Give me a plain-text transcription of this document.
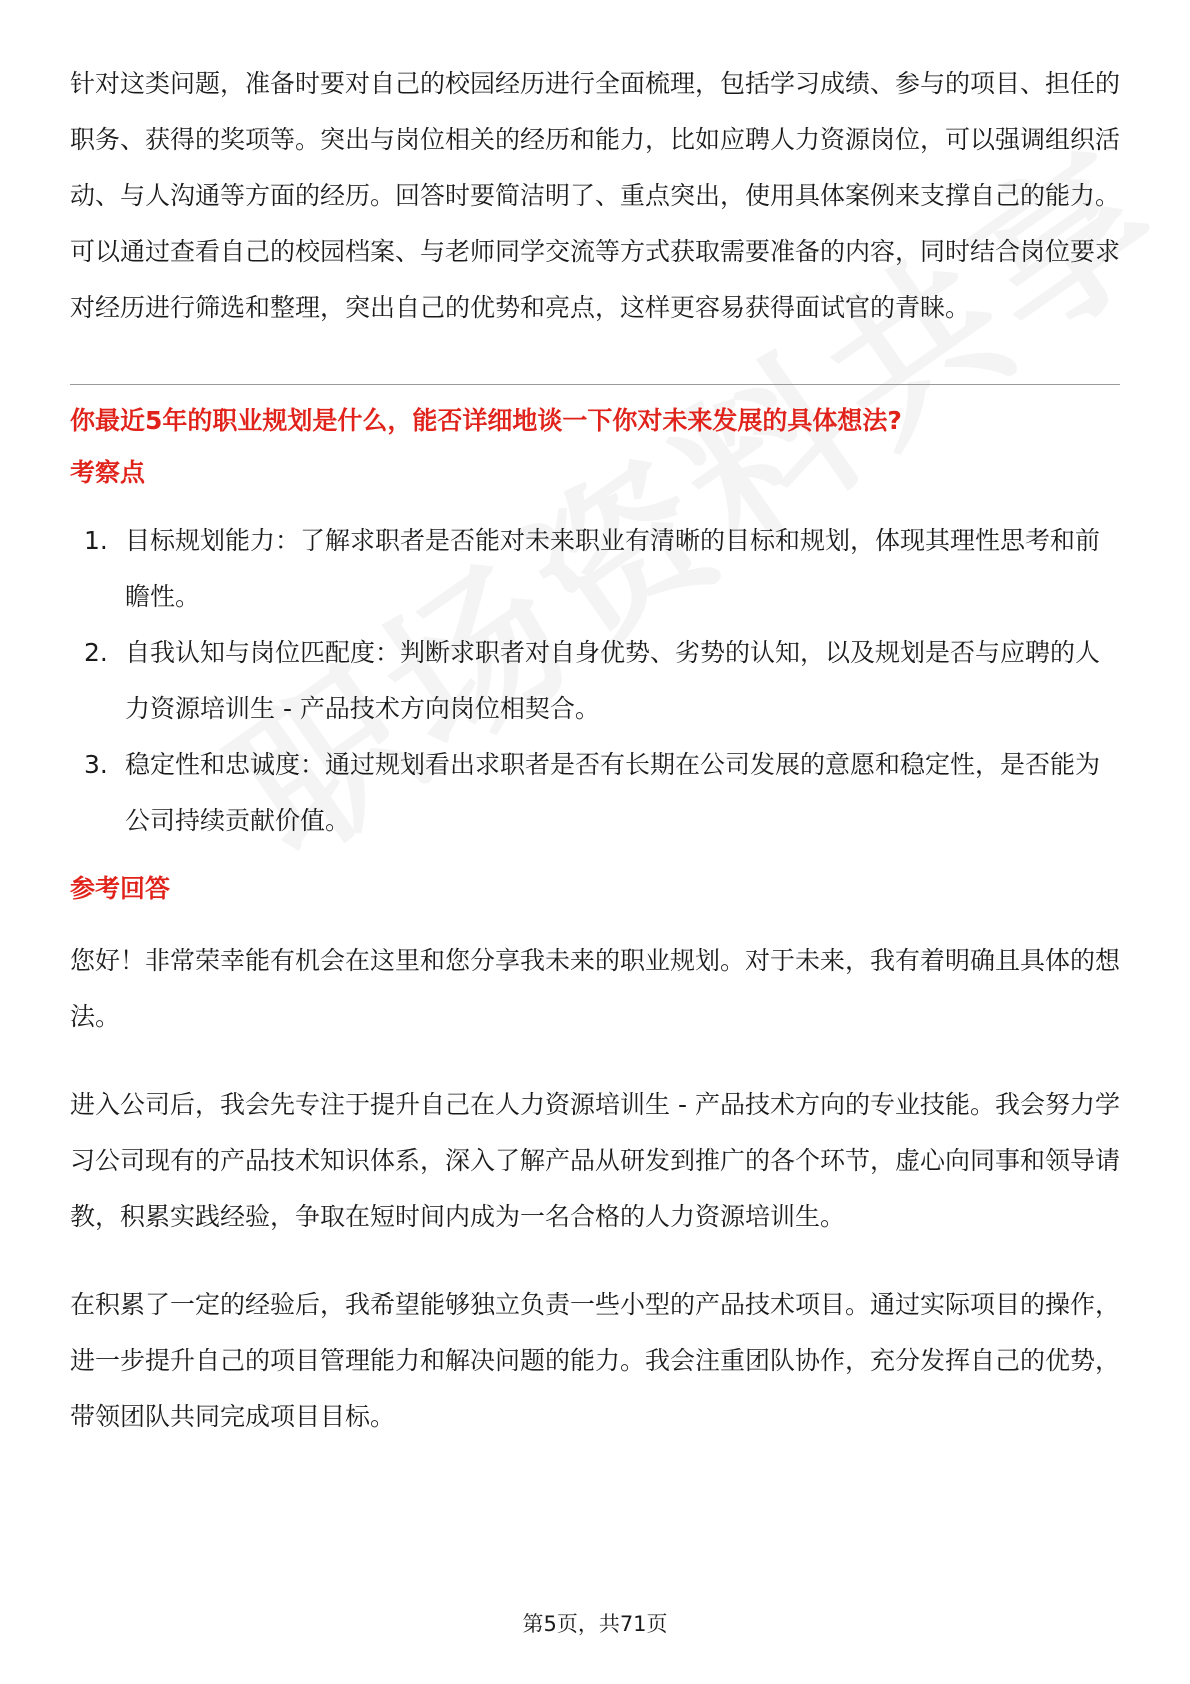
针对这类问题，准备时要对自己的校园经历进行全面梳理，包括学习成绩、参与的项目、担任的职务、获得的奖项等。突出与岗位相关的经历和能力，比如应聘人力资源岗位，可以强调组织活动、与人沟通等方面的经历。回答时要简洁明了、重点突出，使用具体案例来支撑自己的能力。可以通过查看自己的校园档案、与老师同学交流等方式获取需要准备的内容，同时结合岗位要求对经历进行筛选和整理，突出自己的优势和亮点，这样更容易获得面试官的青睐。

你最近5年的职业规划是什么，能否详细地谈一下你对未来发展的具体想法?

考察点

1. 目标规划能力：了解求职者是否能对未来职业有清晰的目标和规划，体现其理性思考和前瞻性。
2. 自我认知与岗位匹配度：判断求职者对自身优势、劣势的认知，以及规划是否与应聘的人力资源培训生 - 产品技术方向岗位相契合。
3. 稳定性和忠诚度：通过规划看出求职者是否有长期在公司发展的意愿和稳定性，是否能为公司持续贡献价值。

参考回答

您好！非常荣幸能有机会在这里和您分享我未来的职业规划。对于未来，我有着明确且具体的想法。

进入公司后，我会先专注于提升自己在人力资源培训生 - 产品技术方向的专业技能。我会努力学习公司现有的产品技术知识体系，深入了解产品从研发到推广的各个环节，虚心向同事和领导请教，积累实践经验，争取在短时间内成为一名合格的人力资源培训生。

在积累了一定的经验后，我希望能够独立负责一些小型的产品技术项目。通过实际项目的操作，进一步提升自己的项目管理能力和解决问题的能力。我会注重团队协作，充分发挥自己的优势，带领团队共同完成项目目标。

第5页，共71页
